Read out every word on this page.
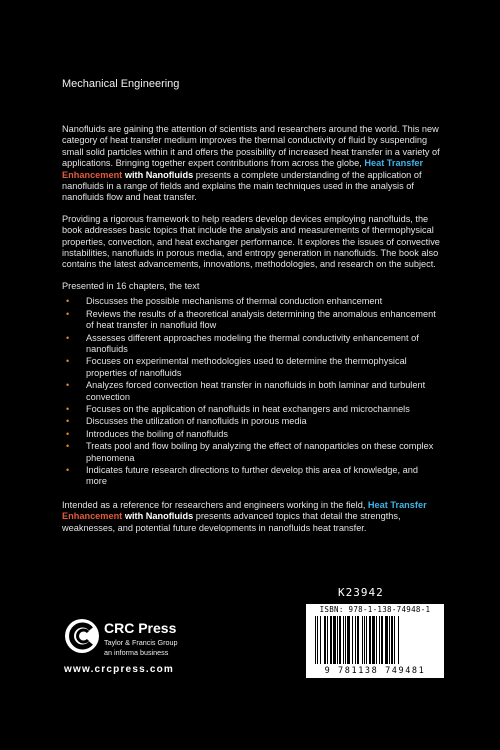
Mechanical Engineering

Nanofluids are gaining the attention of scientists and researchers around the world. This new category of heat transfer medium improves the thermal conductivity of fluid by suspending small solid particles within it and offers the possibility of increased heat transfer in a variety of applications. Bringing together expert contributions from across the globe, Heat Transfer Enhancement with Nanofluids presents a complete understanding of the application of nanofluids in a range of fields and explains the main techniques used in the analysis of nanofluids flow and heat transfer.

Providing a rigorous framework to help readers develop devices employing nanofluids, the book addresses basic topics that include the analysis and measurements of thermophysical properties, convection, and heat exchanger performance. It explores the issues of convective instabilities, nanofluids in porous media, and entropy generation in nanofluids. The book also contains the latest advancements, innovations, methodologies, and research on the subject.

Presented in 16 chapters, the text

• Discusses the possible mechanisms of thermal conduction enhancement
• Reviews the results of a theoretical analysis determining the anomalous enhancement of heat transfer in nanofluid flow
• Assesses different approaches modeling the thermal conductivity enhancement of nanofluids
• Focuses on experimental methodologies used to determine the thermophysical properties of nanofluids
• Analyzes forced convection heat transfer in nanofluids in both laminar and turbulent convection
• Focuses on the application of nanofluids in heat exchangers and microchannels
• Discusses the utilization of nanofluids in porous media
• Introduces the boiling of nanofluids
• Treats pool and flow boiling by analyzing the effect of nanoparticles on these complex phenomena
• Indicates future research directions to further develop this area of knowledge, and more

Intended as a reference for researchers and engineers working in the field, Heat Transfer Enhancement with Nanofluids presents advanced topics that detail the strengths, weaknesses, and potential future developments in nanofluids heat transfer.

K23942
ISBN: 978-1-138-74948-1
9 781138 749481
CRC Press
Taylor & Francis Group
an informa business
www.crcpress.com
